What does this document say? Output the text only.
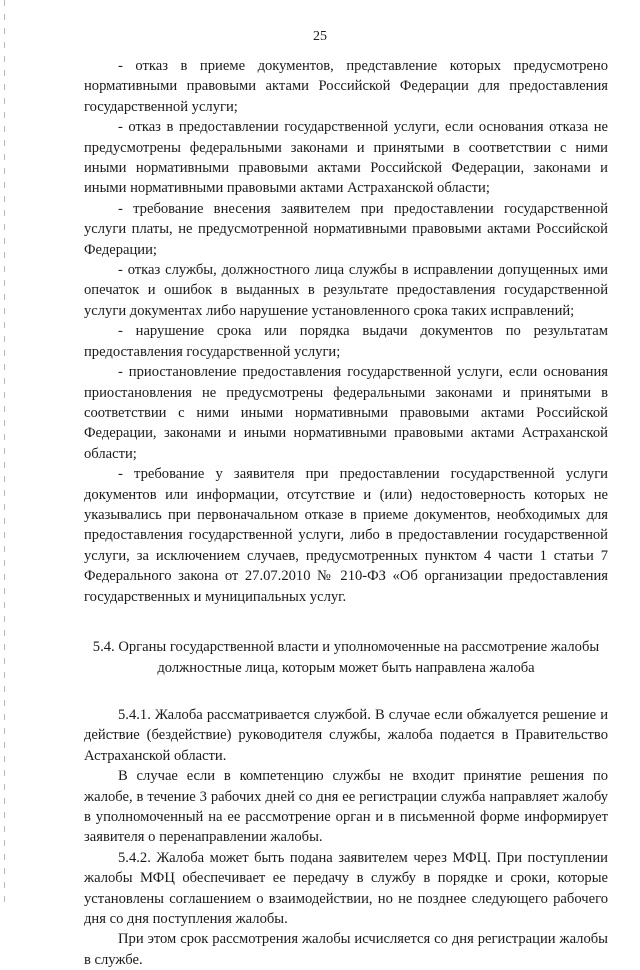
25

- отказ в приеме документов, представление которых предусмотрено нормативными правовыми актами Российской Федерации для предоставления государственной услуги;

- отказ в предоставлении государственной услуги, если основания отказа не предусмотрены федеральными законами и принятыми в соответствии с ними иными нормативными правовыми актами Российской Федерации, законами и иными нормативными правовыми актами Астраханской области;

- требование внесения заявителем при предоставлении государственной услуги платы, не предусмотренной нормативными правовыми актами Российской Федерации;

- отказ службы, должностного лица службы в исправлении допущенных ими опечаток и ошибок в выданных в результате предоставления государственной услуги документах либо нарушение установленного срока таких исправлений;

- нарушение срока или порядка выдачи документов по результатам предоставления государственной услуги;

- приостановление предоставления государственной услуги, если основания приостановления не предусмотрены федеральными законами и принятыми в соответствии с ними иными нормативными правовыми актами Российской Федерации, законами и иными нормативными правовыми актами Астраханской области;

- требование у заявителя при предоставлении государственной услуги документов или информации, отсутствие и (или) недостоверность которых не указывались при первоначальном отказе в приеме документов, необходимых для предоставления государственной услуги, либо в предоставлении государственной услуги, за исключением случаев, предусмотренных пунктом 4 части 1 статьи 7 Федерального закона от 27.07.2010 № 210-ФЗ «Об организации предоставления государственных и муниципальных услуг.

5.4. Органы государственной власти и уполномоченные на рассмотрение жалобы должностные лица, которым может быть направлена жалоба

5.4.1. Жалоба рассматривается службой. В случае если обжалуется решение и действие (бездействие) руководителя службы, жалоба подается в Правительство Астраханской области.

В случае если в компетенцию службы не входит принятие решения по жалобе, в течение 3 рабочих дней со дня ее регистрации служба направляет жалобу в уполномоченный на ее рассмотрение орган и в письменной форме информирует заявителя о перенаправлении жалобы.

5.4.2. Жалоба может быть подана заявителем через МФЦ. При поступлении жалобы МФЦ обеспечивает ее передачу в службу в порядке и сроки, которые установлены соглашением о взаимодействии, но не позднее следующего рабочего дня со дня поступления жалобы.

При этом срок рассмотрения жалобы исчисляется со дня регистрации жалобы в службе.
